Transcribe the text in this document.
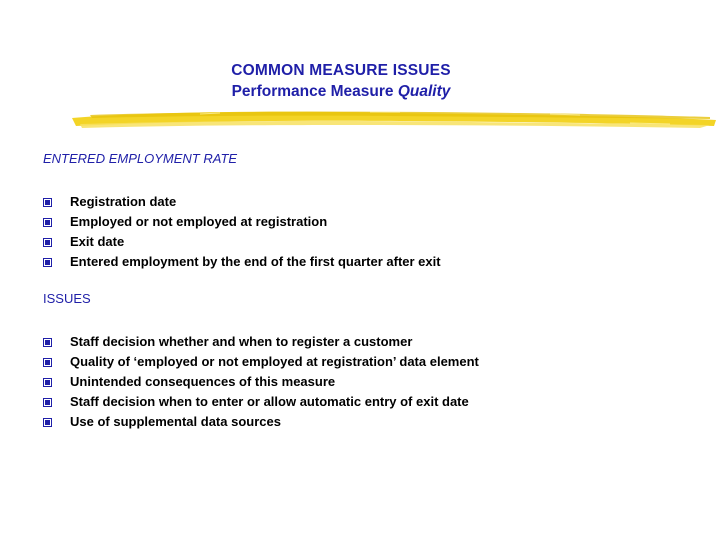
COMMON MEASURE ISSUES
Performance Measure Quality
ENTERED EMPLOYMENT RATE
Registration date
Employed or not employed at registration
Exit date
Entered employment by the end of the first quarter after exit
ISSUES
Staff decision whether and when to register a customer
Quality of ‘employed or not employed at registration’ data element
Unintended consequences of this measure
Staff decision when to enter or allow automatic entry of exit date
Use of supplemental data sources
